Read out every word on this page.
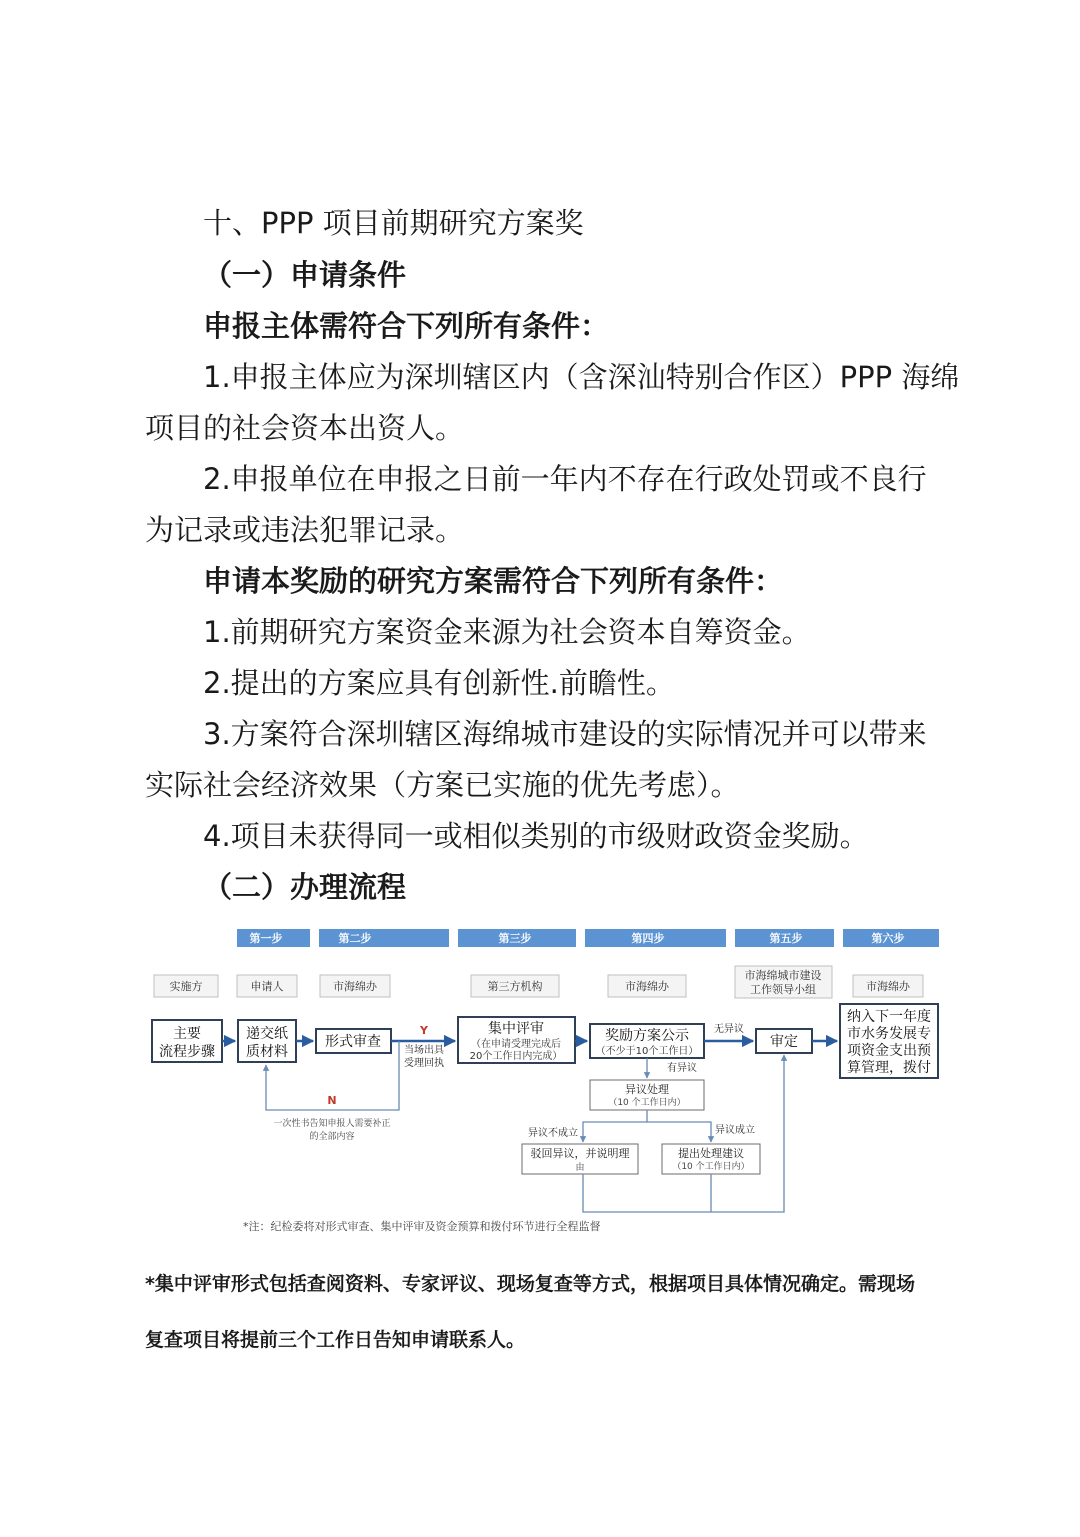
十、PPP 项目前期研究方案奖
（一）申请条件
申报主体需符合下列所有条件：
1.申报主体应为深圳辖区内（含深汕特别合作区）PPP 海绵
项目的社会资本出资人。
2.申报单位在申报之日前一年内不存在行政处罚或不良行
为记录或违法犯罪记录。
申请本奖励的研究方案需符合下列所有条件：
1.前期研究方案资金来源为社会资本自筹资金。
2.提出的方案应具有创新性.前瞻性。
3.方案符合深圳辖区海绵城市建设的实际情况并可以带来
实际社会经济效果（方案已实施的优先考虑）。
4.项目未获得同一或相似类别的市级财政资金奖励。
（二）办理流程
第一步	第二步	第三步	第四步	第五步	第六步
实施方	申请人	市海绵办	第三方机构	市海绵办
市海绵城市建设
工作领导小组	市海绵办
主要
流程步骤
递交纸
质材料
形式审查
集中评审	奖励方案公示	审定
纳入下一年度
市水务发展专
项资金支出预
算管理，拨付
（在申请受理完成后
20个工作日内完成）	（不少于10个工作日）
异议处理
驳回异议，并说明理	提出处理建议
（10 个工作日内）
由	（10 个工作日内）
Y
N
当场出具
受理回执
无异议
有异议
异议不成立	异议成立
一次性书告知申报人需要补正
的全部内容
*注：纪检委将对形式审查、集中评审及资金预算和拨付环节进行全程监督
*集中评审形式包括查阅资料、专家评议、现场复查等方式，根据项目具体情况确定。需现场
复查项目将提前三个工作日告知申请联系人。
